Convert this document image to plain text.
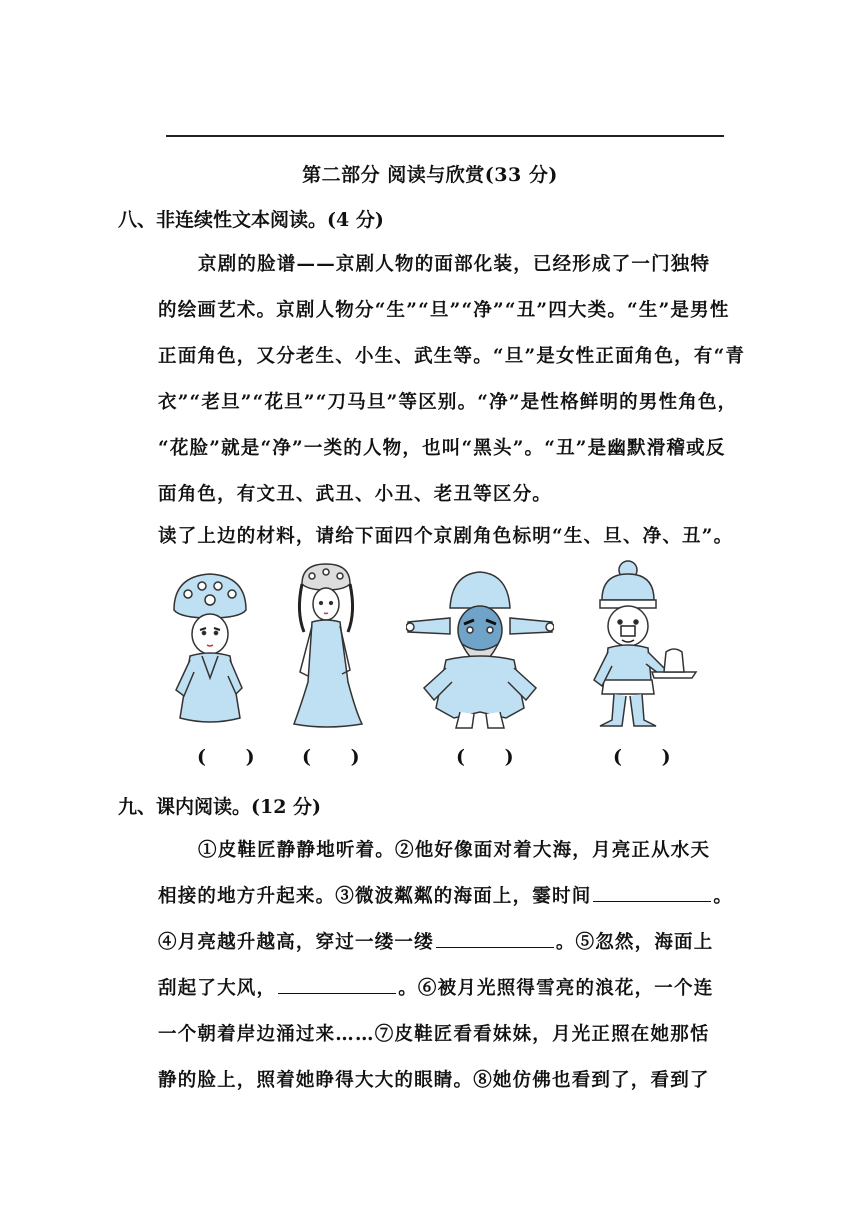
第二部分 阅读与欣赏(33 分)
八、非连续性文本阅读。(4 分)
京剧的脸谱——京剧人物的面部化装，已经形成了一门独特
的绘画艺术。京剧人物分“生”“旦”“净”“丑”四大类。“生”是男性
正面角色，又分老生、小生、武生等。“旦”是女性正面角色，有“青
衣”“老旦”“花旦”“刀马旦”等区别。“净”是性格鲜明的男性角色，
“花脸”就是“净”一类的人物，也叫“黑头”。“丑”是幽默滑稽或反
面角色，有文丑、武丑、小丑、老丑等区分。
读了上边的材料，请给下面四个京剧角色标明“生、旦、净、丑”。
(      ) (      )	(      )	(      )
九、课内阅读。(12 分)
①皮鞋匠静静地听着。②他好像面对着大海，月亮正从水天
相接的地方升起来。③微波粼粼的海面上，霎时间	。
④月亮越升越高，穿过一缕一缕	。⑤忽然，海面上
刮起了大风，	。⑥被月光照得雪亮的浪花，一个连
一个朝着岸边涌过来……⑦皮鞋匠看看妹妹，月光正照在她那恬
静的脸上，照着她睁得大大的眼睛。⑧她仿佛也看到了，看到了
